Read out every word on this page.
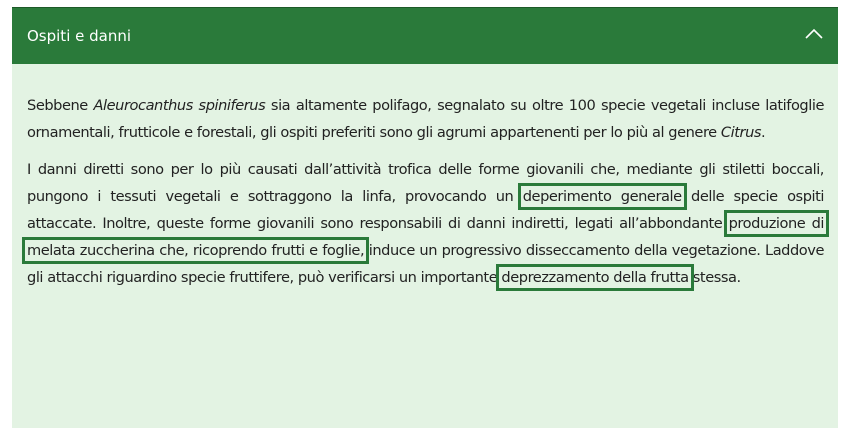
Ospiti e danni

Sebbene Aleurocanthus spiniferus sia altamente polifago, segnalato su oltre 100 specie vegetali incluse latifoglie ornamentali, frutticole e forestali, gli ospiti preferiti sono gli agrumi appartenenti per lo più al genere Citrus.

I danni diretti sono per lo più causati dall’attività trofica delle forme giovanili che, mediante gli stiletti boccali, pungono i tessuti vegetali e sottraggono la linfa, provocando un deperimento generale delle specie ospiti attaccate. Inoltre, queste forme giovanili sono responsabili di danni indiretti, legati all’abbondante produzione di melata zuccherina che, ricoprendo frutti e foglie, induce un progressivo disseccamento della vegetazione. Laddove gli attacchi riguardino specie fruttifere, può verificarsi un importante deprezzamento della frutta stessa.
